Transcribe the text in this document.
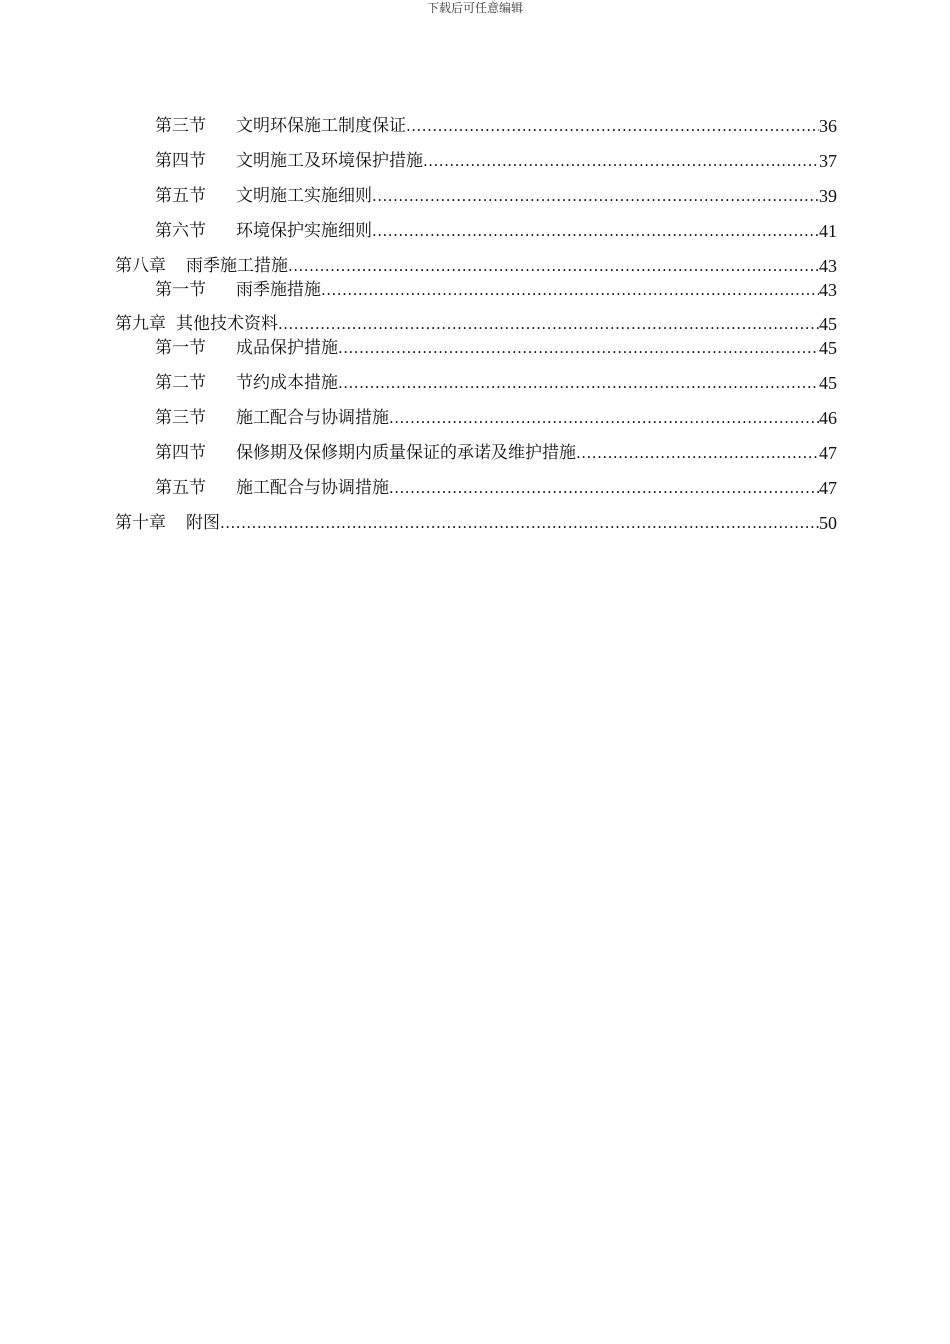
下载后可任意编辑
第三节 文明环保施工制度保证 .....	36
第四节 文明施工及环境保护措施 .....	37
第五节 文明施工实施细则 .....	39
第六节 环境保护实施细则 .....	41
第八章 雨季施工措施 .....	43
第一节 雨季施措施 .....	43
第九章 其他技术资料 .....	45
第一节 成品保护措施 .....	45
第二节 节约成本措施 .....	45
第三节 施工配合与协调措施 .....	46
第四节 保修期及保修期内质量保证的承诺及维护措施 .....	47
第五节 施工配合与协调措施 .....	47
第十章 附图 .....	50
